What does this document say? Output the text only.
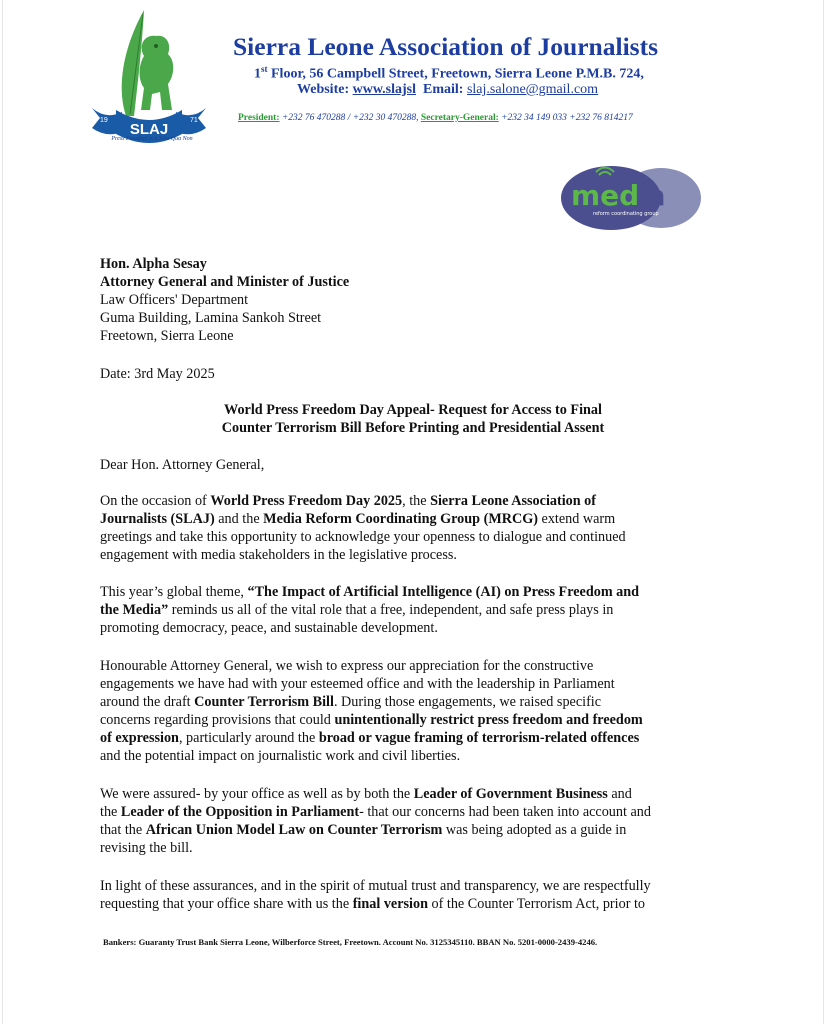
SLAJ
19	71
Press Freedom is a Sine Qua Non
Sierra Leone Association of Journalists
1st Floor, 56 Campbell Street, Freetown, Sierra Leone P.M.B. 724,
Website: www.slajsl Email: slaj.salone@gmail.com
President: +232 76 470288 / +232 30 470288, Secretary-General: +232 34 149 033 +232 76 814217
med
ia
reform coordinating group
Hon. Alpha Sesay
Attorney General and Minister of Justice
Law Officers' Department
Guma Building, Lamina Sankoh Street
Freetown, Sierra Leone
Date: 3rd May 2025
World Press Freedom Day Appeal- Request for Access to Final
Counter Terrorism Bill Before Printing and Presidential Assent
Dear Hon. Attorney General,
On the occasion of World Press Freedom Day 2025, the Sierra Leone Association of
Journalists (SLAJ) and the Media Reform Coordinating Group (MRCG) extend warm
greetings and take this opportunity to acknowledge your openness to dialogue and continued
engagement with media stakeholders in the legislative process.
This year’s global theme, “The Impact of Artificial Intelligence (AI) on Press Freedom and
the Media” reminds us all of the vital role that a free, independent, and safe press plays in
promoting democracy, peace, and sustainable development.
Honourable Attorney General, we wish to express our appreciation for the constructive
engagements we have had with your esteemed office and with the leadership in Parliament
around the draft Counter Terrorism Bill. During those engagements, we raised specific
concerns regarding provisions that could unintentionally restrict press freedom and freedom
of expression, particularly around the broad or vague framing of terrorism-related offences
and the potential impact on journalistic work and civil liberties.
We were assured- by your office as well as by both the Leader of Government Business and
the Leader of the Opposition in Parliament- that our concerns had been taken into account and
that the African Union Model Law on Counter Terrorism was being adopted as a guide in
revising the bill.
In light of these assurances, and in the spirit of mutual trust and transparency, we are respectfully
requesting that your office share with us the final version of the Counter Terrorism Act, prior to
Bankers: Guaranty Trust Bank Sierra Leone, Wilberforce Street, Freetown. Account No. 3125345110. BBAN No. 5201-0000-2439-4246.
